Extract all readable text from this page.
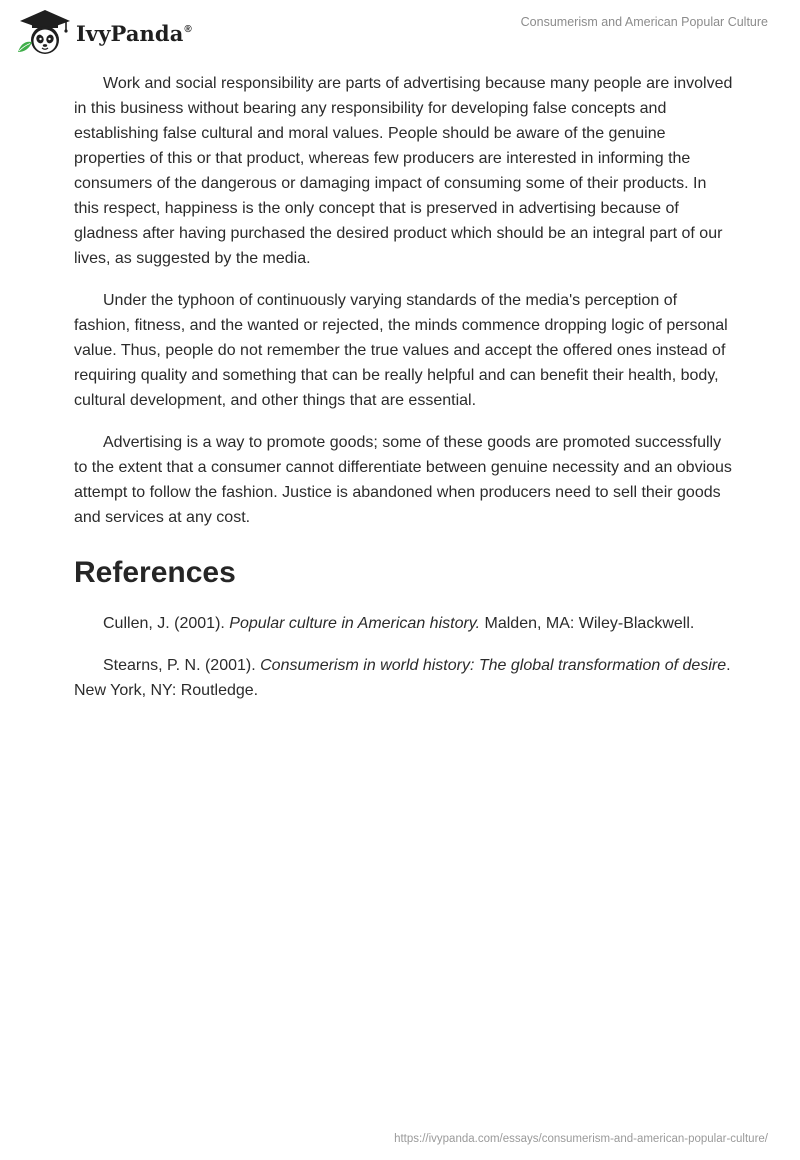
IvyPanda®	Consumerism and American Popular Culture

Work and social responsibility are parts of advertising because many people are involved in this business without bearing any responsibility for developing false concepts and establishing false cultural and moral values. People should be aware of the genuine properties of this or that product, whereas few producers are interested in informing the consumers of the dangerous or damaging impact of consuming some of their products. In this respect, happiness is the only concept that is preserved in advertising because of gladness after having purchased the desired product which should be an integral part of our lives, as suggested by the media.

Under the typhoon of continuously varying standards of the media's perception of fashion, fitness, and the wanted or rejected, the minds commence dropping logic of personal value. Thus, people do not remember the true values and accept the offered ones instead of requiring quality and something that can be really helpful and can benefit their health, body, cultural development, and other things that are essential.

Advertising is a way to promote goods; some of these goods are promoted successfully to the extent that a consumer cannot differentiate between genuine necessity and an obvious attempt to follow the fashion. Justice is abandoned when producers need to sell their goods and services at any cost.

References

Cullen, J. (2001). Popular culture in American history. Malden, MA: Wiley-Blackwell.

Stearns, P. N. (2001). Consumerism in world history: The global transformation of desire. New York, NY: Routledge.

https://ivypanda.com/essays/consumerism-and-american-popular-culture/
